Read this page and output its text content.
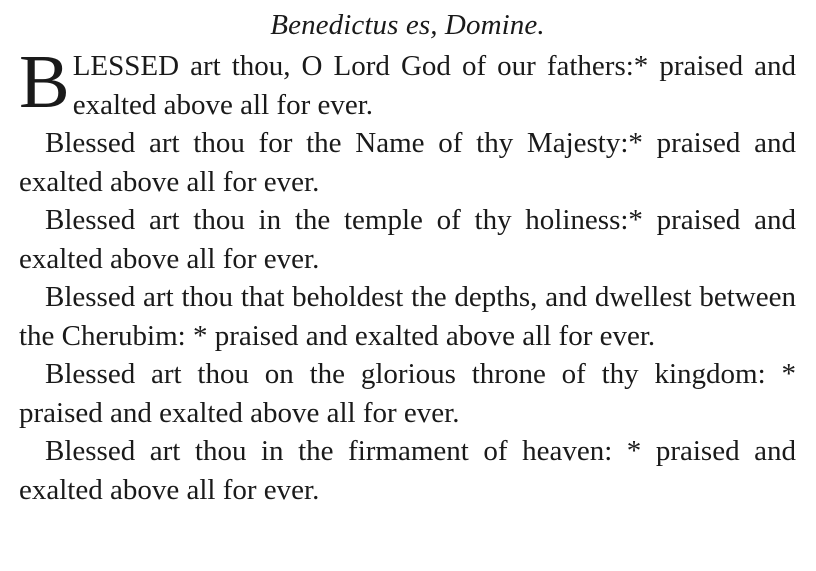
Benedictus es, Domine.

BLESSED art thou, O Lord God of our fathers:* praised and exalted above all for ever.

Blessed art thou for the Name of thy Majesty:* praised and exalted above all for ever.

Blessed art thou in the temple of thy holiness:* praised and exalted above all for ever.

Blessed art thou that beholdest the depths, and dwellest between the Cherubim: * praised and exalted above all for ever.

Blessed art thou on the glorious throne of thy kingdom: * praised and exalted above all for ever.

Blessed art thou in the firmament of heaven: * praised and exalted above all for ever.
